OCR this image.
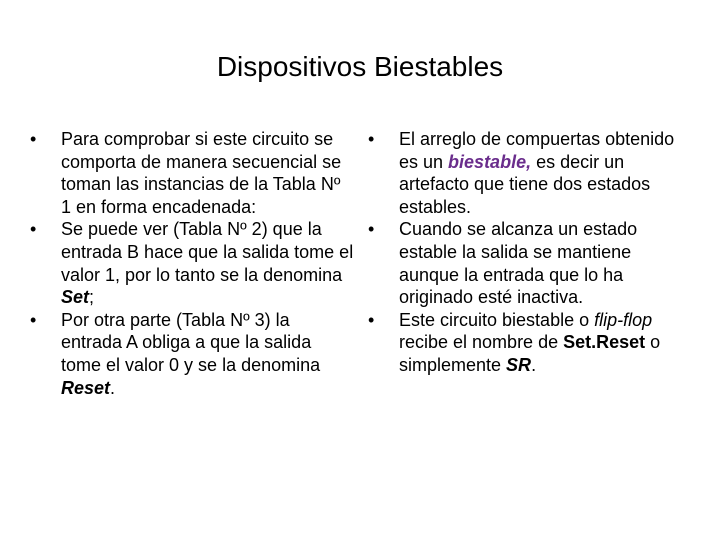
Dispositivos Biestables
• Para comprobar si este circuito se comporta de manera secuencial se toman las instancias de la Tabla Nº 1 en forma encadenada:
• Se puede ver (Tabla Nº 2) que la entrada B hace que la salida tome el valor 1, por lo tanto se la denomina Set;
• Por otra parte (Tabla Nº 3) la entrada A obliga a que la salida tome el valor 0 y se la denomina Reset.
• El arreglo de compuertas obtenido es un biestable, es decir un artefacto que tiene dos estados estables.
• Cuando se alcanza un estado estable la salida se mantiene aunque la entrada que lo ha originado esté inactiva.
• Este circuito biestable o flip-flop recibe el nombre de Set.Reset o simplemente SR.
